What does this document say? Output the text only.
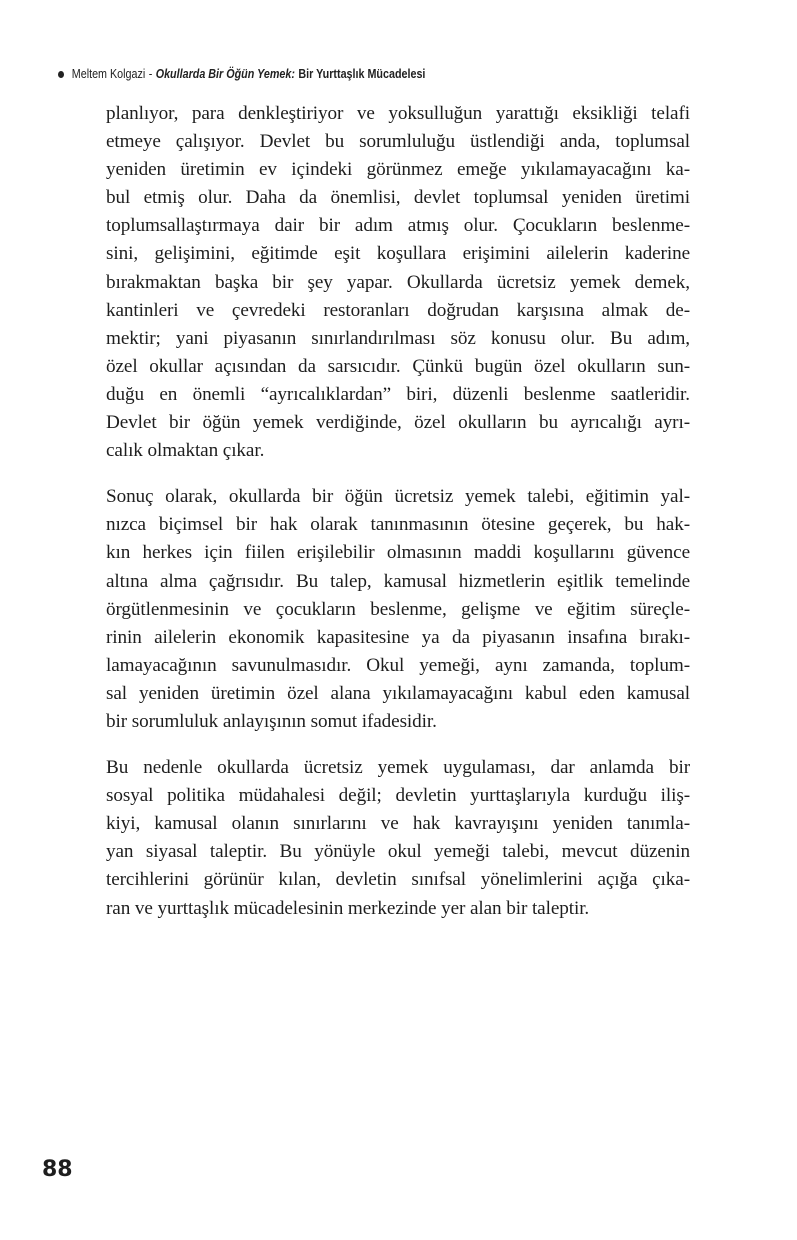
Meltem Kolgazi - Okullarda Bir Öğün Yemek: Bir Yurttaşlık Mücadelesi
planlıyor, para denkleştiriyor ve yoksulluğun yarattığı eksikliği telafi
etmeye çalışıyor. Devlet bu sorumluluğu üstlendiği anda, toplumsal
yeniden üretimin ev içindeki görünmez emeğe yıkılamayacağını ka-
bul etmiş olur. Daha da önemlisi, devlet toplumsal yeniden üretimi
toplumsallaştırmaya dair bir adım atmış olur. Çocukların beslenme-
sini, gelişimini, eğitimde eşit koşullara erişimini ailelerin kaderine
bırakmaktan başka bir şey yapar. Okullarda ücretsiz yemek demek,
kantinleri ve çevredeki restoranları doğrudan karşısına almak de-
mektir; yani piyasanın sınırlandırılması söz konusu olur. Bu adım,
özel okullar açısından da sarsıcıdır. Çünkü bugün özel okulların sun-
duğu en önemli “ayrıcalıklardan” biri, düzenli beslenme saatleridir.
Devlet bir öğün yemek verdiğinde, özel okulların bu ayrıcalığı ayrı-
calık olmaktan çıkar.
Sonuç olarak, okullarda bir öğün ücretsiz yemek talebi, eğitimin yal-
nızca biçimsel bir hak olarak tanınmasının ötesine geçerek, bu hak-
kın herkes için fiilen erişilebilir olmasının maddi koşullarını güvence
altına alma çağrısıdır. Bu talep, kamusal hizmetlerin eşitlik temelinde
örgütlenmesinin ve çocukların beslenme, gelişme ve eğitim süreçle-
rinin ailelerin ekonomik kapasitesine ya da piyasanın insafına bırakı-
lamayacağının savunulmasıdır. Okul yemeği, aynı zamanda, toplum-
sal yeniden üretimin özel alana yıkılamayacağını kabul eden kamusal
bir sorumluluk anlayışının somut ifadesidir.
Bu nedenle okullarda ücretsiz yemek uygulaması, dar anlamda bir
sosyal politika müdahalesi değil; devletin yurttaşlarıyla kurduğu iliş-
kiyi, kamusal olanın sınırlarını ve hak kavrayışını yeniden tanımla-
yan siyasal taleptir. Bu yönüyle okul yemeği talebi, mevcut düzenin
tercihlerini görünür kılan, devletin sınıfsal yönelimlerini açığa çıka-
ran ve yurttaşlık mücadelesinin merkezinde yer alan bir taleptir.
88
